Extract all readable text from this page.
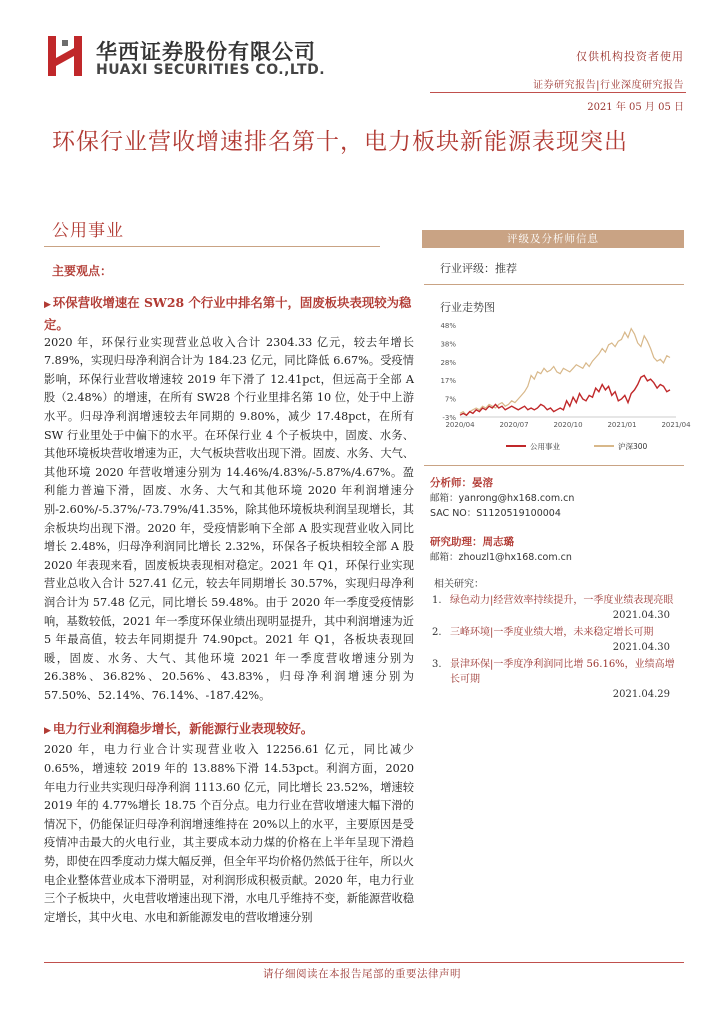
华西证券股份有限公司
HUAXI SECURITIES CO.,LTD.
仅供机构投资者使用
证券研究报告|行业深度研究报告
2021 年 05 月 05 日
环保行业营收增速排名第十，电力板块新能源表现突出
公用事业
主要观点：
▶ 环保营收增速在 SW28 个行业中排名第十，固废板块表现较为稳定。
2020 年，环保行业实现营业总收入合计 2304.33 亿元，较去年增长 7.89%，实现归母净利润合计为 184.23 亿元，同比降低 6.67%。受疫情影响，环保行业营收增速较 2019 年下滑了 12.41pct，但远高于全部 A 股（2.48%）的增速，在所有 SW28 个行业里排名第 10 位，处于中上游水平。归母净利润增速较去年同期的 9.80%，减少 17.48pct，在所有 SW 行业里处于中偏下的水平。在环保行业 4 个子板块中，固废、水务、其他环境板块营收增速为正，大气板块营收出现下滑。固废、水务、大气、其他环境 2020 年营收增速分别为 14.46%/4.83%/-5.87%/4.67%。盈利能力普遍下滑，固废、水务、大气和其他环境 2020 年利润增速分别-2.60%/-5.37%/-73.79%/41.35%，除其他环境板块利润呈现增长，其余板块均出现下滑。2020 年，受疫情影响下全部 A 股实现营业收入同比增长 2.48%，归母净利润同比增长 2.32%，环保各子板块相较全部 A 股 2020 年表现来看，固废板块表现相对稳定。2021 年 Q1，环保行业实现营业总收入合计 527.41 亿元，较去年同期增长 30.57%，实现归母净利润合计为 57.48 亿元，同比增长 59.48%。由于 2020 年一季度受疫情影响，基数较低，2021 年一季度环保业绩出现明显提升，其中利润增速为近 5 年最高值，较去年同期提升 74.90pct。2021 年 Q1，各板块表现回暖，固废、水务、大气、其他环境 2021 年一季度营收增速分别为 26.38%、36.82%、20.56%、43.83%，归母净利润增速分别为 57.50%、52.14%、76.14%、-187.42%。
▶ 电力行业利润稳步增长，新能源行业表现较好。
2020 年，电力行业合计实现营业收入 12256.61 亿元，同比减少 0.65%，增速较 2019 年的 13.88%下滑 14.53pct。利润方面，2020 年电力行业共实现归母净利润 1113.60 亿元，同比增长 23.52%，增速较 2019 年的 4.77%增长 18.75 个百分点。电力行业在营收增速大幅下滑的情况下，仍能保证归母净利润增速维持在 20%以上的水平，主要原因是受疫情冲击最大的火电行业，其主要成本动力煤的价格在上半年呈现下滑趋势，即使在四季度动力煤大幅反弹，但全年平均价格仍然低于往年，所以火电企业整体营业成本下滑明显，对利润形成积极贡献。2020 年，电力行业三个子板块中，火电营收增速出现下滑，水电几乎维持不变，新能源营收稳定增长，其中火电、水电和新能源发电的营收增速分别
评级及分析师信息
行业评级：推荐
行业走势图
48%
38%
28%
17%
7%
-3%
2020/04	2020/07	2020/10	2021/01	2021/04
公用事业	沪深300
分析师：晏溶
邮箱：yanrong@hx168.com.cn
SAC NO：S1120519100004
研究助理：周志璐
邮箱：zhouzl1@hx168.com.cn
相关研究：
1. 绿色动力|经营效率持续提升，一季度业绩表现亮眼
2021.04.30
2. 三峰环境|一季度业绩大增，未来稳定增长可期
2021.04.30
3. 景津环保|一季度净利润同比增 56.16%，业绩高增长可期
2021.04.29
请仔细阅读在本报告尾部的重要法律声明
